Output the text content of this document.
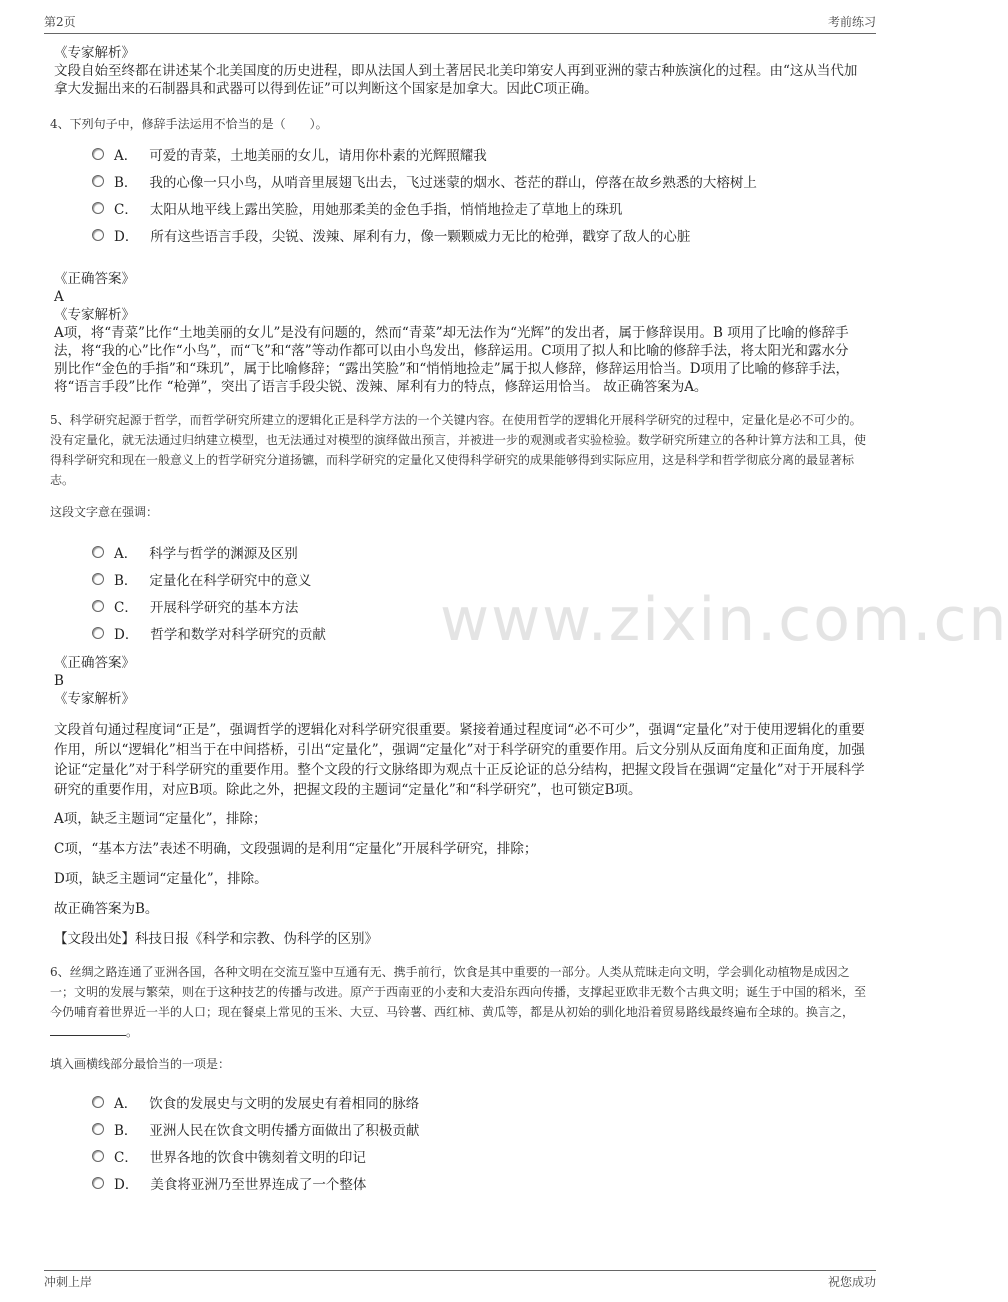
第2页	考前练习
www.zixin.com.cn

《专家解析》

文段自始至终都在讲述某个北美国度的历史进程，即从法国人到土著居民北美印第安人再到亚洲的蒙古种族演化的过程。由“这从当代加拿大发掘出来的石制器具和武器可以得到佐证”可以判断这个国家是加拿大。因此C项正确。

4、下列句子中，修辞手法运用不恰当的是（　　）。

A． 可爱的青菜，土地美丽的女儿，请用你朴素的光辉照耀我
B． 我的心像一只小鸟，从哨音里展翅飞出去，飞过迷蒙的烟水、苍茫的群山，停落在故乡熟悉的大榕树上
C． 太阳从地平线上露出笑脸，用她那柔美的金色手指，悄悄地捡走了草地上的珠玑
D． 所有这些语言手段，尖锐、泼辣、犀利有力，像一颗颗威力无比的枪弹，戳穿了敌人的心脏

《正确答案》

A

《专家解析》

A项，将“青菜”比作“土地美丽的女儿”是没有问题的，然而“青菜”却无法作为“光辉”的发出者，属于修辞误用。B 项用了比喻的修辞手法，将“我的心”比作“小鸟”，而“飞”和“落”等动作都可以由小鸟发出，修辞运用。C项用了拟人和比喻的修辞手法，将太阳光和露水分 别比作“金色的手指”和“珠玑”，属于比喻修辞；“露出笑脸”和“悄悄地捡走”属于拟人修辞，修辞运用恰当。D项用了比喻的修辞手法，将“语言手段”比作 “枪弹”，突出了语言手段尖锐、泼辣、犀利有力的特点，修辞运用恰当。 故正确答案为A。

5、科学研究起源于哲学，而哲学研究所建立的逻辑化正是科学方法的一个关键内容。在使用哲学的逻辑化开展科学研究的过程中，定量化是必不可少的。没有定量化，就无法通过归纳建立模型，也无法通过对模型的演绎做出预言，并被进一步的观测或者实验检验。数学研究所建立的各种计算方法和工具，使得科学研究和现在一般意义上的哲学研究分道扬镳，而科学研究的定量化又使得科学研究的成果能够得到实际应用，这是科学和哲学彻底分离的最显著标志。

这段文字意在强调：

A． 科学与哲学的渊源及区别
B． 定量化在科学研究中的意义
C． 开展科学研究的基本方法
D． 哲学和数学对科学研究的贡献

《正确答案》

B

《专家解析》

文段首句通过程度词“正是”，强调哲学的逻辑化对科学研究很重要。紧接着通过程度词“必不可少”，强调“定量化”对于使用逻辑化的重要作用，所以“逻辑化”相当于在中间搭桥，引出“定量化”，强调“定量化”对于科学研究的重要作用。后文分别从反面角度和正面角度，加强论证“定量化”对于科学研究的重要作用。整个文段的行文脉络即为观点十正反论证的总分结构，把握文段旨在强调“定量化”对于开展科学研究的重要作用，对应B项。除此之外，把握文段的主题词“定量化”和“科学研究”，也可锁定B项。

A项，缺乏主题词“定量化”，排除；

C项，“基本方法”表述不明确，文段强调的是利用“定量化”开展科学研究，排除；

D项，缺乏主题词“定量化”，排除。

故正确答案为B。

【文段出处】科技日报《科学和宗教、伪科学的区别》

6、丝绸之路连通了亚洲各国，各种文明在交流互鉴中互通有无、携手前行，饮食是其中重要的一部分。人类从荒昧走向文明，学会驯化动植物是成因之一；文明的发展与繁荣，则在于这种技艺的传播与改进。原产于西南亚的小麦和大麦沿东西向传播，支撑起亚欧非无数个古典文明；诞生于中国的稻米，至今仍哺育着世界近一半的人口；现在餐桌上常见的玉米、大豆、马铃薯、西红柿、黄瓜等，都是从初始的驯化地沿着贸易路线最终遍布全球的。换言之，。

填入画横线部分最恰当的一项是：

A． 饮食的发展史与文明的发展史有着相同的脉络
B． 亚洲人民在饮食文明传播方面做出了积极贡献
C． 世界各地的饮食中镌刻着文明的印记
D． 美食将亚洲乃至世界连成了一个整体
冲刺上岸	祝您成功
